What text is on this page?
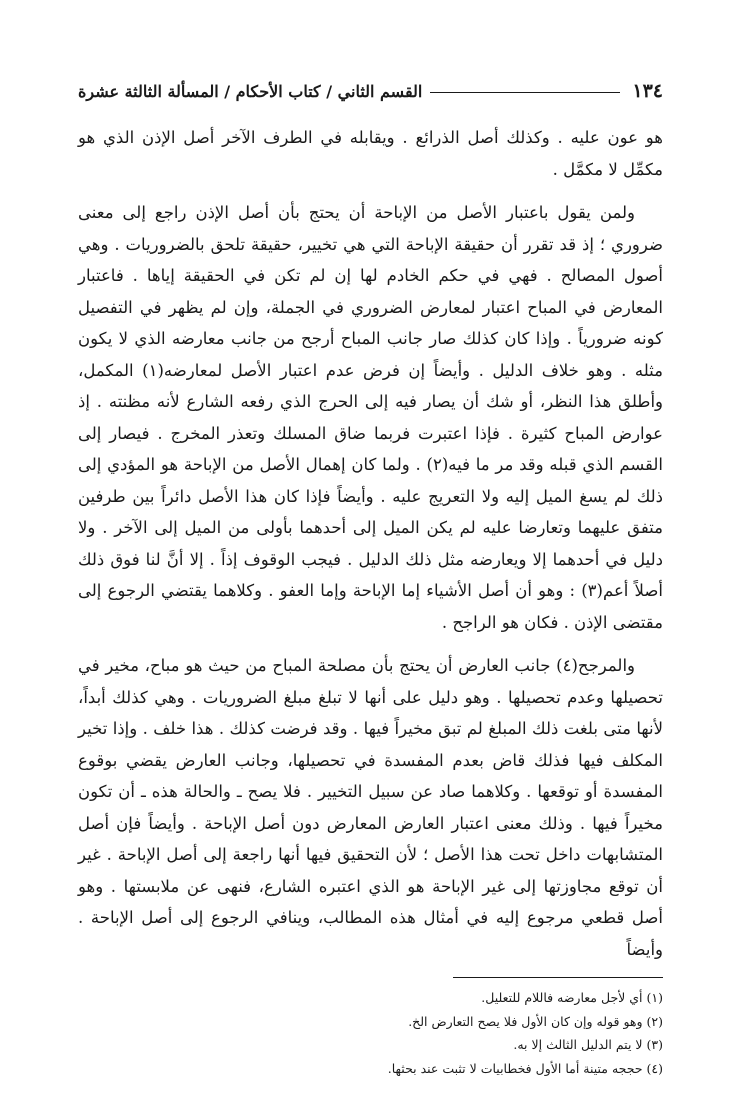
١٣٤
القسم الثاني / كتاب الأحكام / المسألة الثالثة عشرة

هو عون عليه . وكذلك أصل الذرائع . ويقابله في الطرف الآخر أصل الإذن الذي هو مكمِّل لا مكمَّل .

ولمن يقول باعتبار الأصل من الإباحة أن يحتج بأن أصل الإذن راجع إلى معنى ضروري ؛ إذ قد تقرر أن حقيقة الإباحة التي هي تخيير، حقيقة تلحق بالضروريات . وهي أصول المصالح . فهي في حكم الخادم لها إن لم تكن في الحقيقة إياها . فاعتبار المعارض في المباح اعتبار لمعارض الضروري في الجملة، وإن لم يظهر في التفصيل كونه ضرورياً . وإذا كان كذلك صار جانب المباح أرجح من جانب معارضه الذي لا يكون مثله . وهو خلاف الدليل . وأيضاً إن فرض عدم اعتبار الأصل لمعارضه(١) المكمل، وأطلق هذا النظر، أو شك أن يصار فيه إلى الحرج الذي رفعه الشارع لأنه مظنته . إذ عوارض المباح كثيرة . فإذا اعتبرت فربما ضاق المسلك وتعذر المخرج . فيصار إلى القسم الذي قبله وقد مر ما فيه(٢) . ولما كان إهمال الأصل من الإباحة هو المؤدي إلى ذلك لم يسغ الميل إليه ولا التعريج عليه . وأيضاً فإذا كان هذا الأصل دائراً بين طرفين متفق عليهما وتعارضا عليه لم يكن الميل إلى أحدهما بأولى من الميل إلى الآخر . ولا دليل في أحدهما إلا ويعارضه مثل ذلك الدليل . فيجب الوقوف إذاً . إلا أنَّ لنا فوق ذلك أصلاً أعم(٣) : وهو أن أصل الأشياء إما الإباحة وإما العفو . وكلاهما يقتضي الرجوع إلى مقتضى الإذن . فكان هو الراجح .

والمرجح(٤) جانب العارض أن يحتج بأن مصلحة المباح من حيث هو مباح، مخير في تحصيلها وعدم تحصيلها . وهو دليل على أنها لا تبلغ مبلغ الضروريات . وهي كذلك أبداً، لأنها متى بلغت ذلك المبلغ لم تبق مخيراً فيها . وقد فرضت كذلك . هذا خلف . وإذا تخير المكلف فيها فذلك قاض بعدم المفسدة في تحصيلها، وجانب العارض يقضي بوقوع المفسدة أو توقعها . وكلاهما صاد عن سبيل التخيير . فلا يصح ـ والحالة هذه ـ أن تكون مخيراً فيها . وذلك معنى اعتبار العارض المعارض دون أصل الإباحة . وأيضاً فإن أصل المتشابهات داخل تحت هذا الأصل ؛ لأن التحقيق فيها أنها راجعة إلى أصل الإباحة . غير أن توقع مجاوزتها إلى غير الإباحة هو الذي اعتبره الشارع، فنهى عن ملابستها . وهو أصل قطعي مرجوع إليه في أمثال هذه المطالب، وينافي الرجوع إلى أصل الإباحة . وأيضاً

(١) أي لأجل معارضه فاللام للتعليل.

(٢) وهو قوله وإن كان الأول فلا يصح التعارض الخ.

(٣) لا يتم الدليل الثالث إلا به.

(٤) حججه متينة أما الأول فخطابيات لا تثبت عند بحثها.
